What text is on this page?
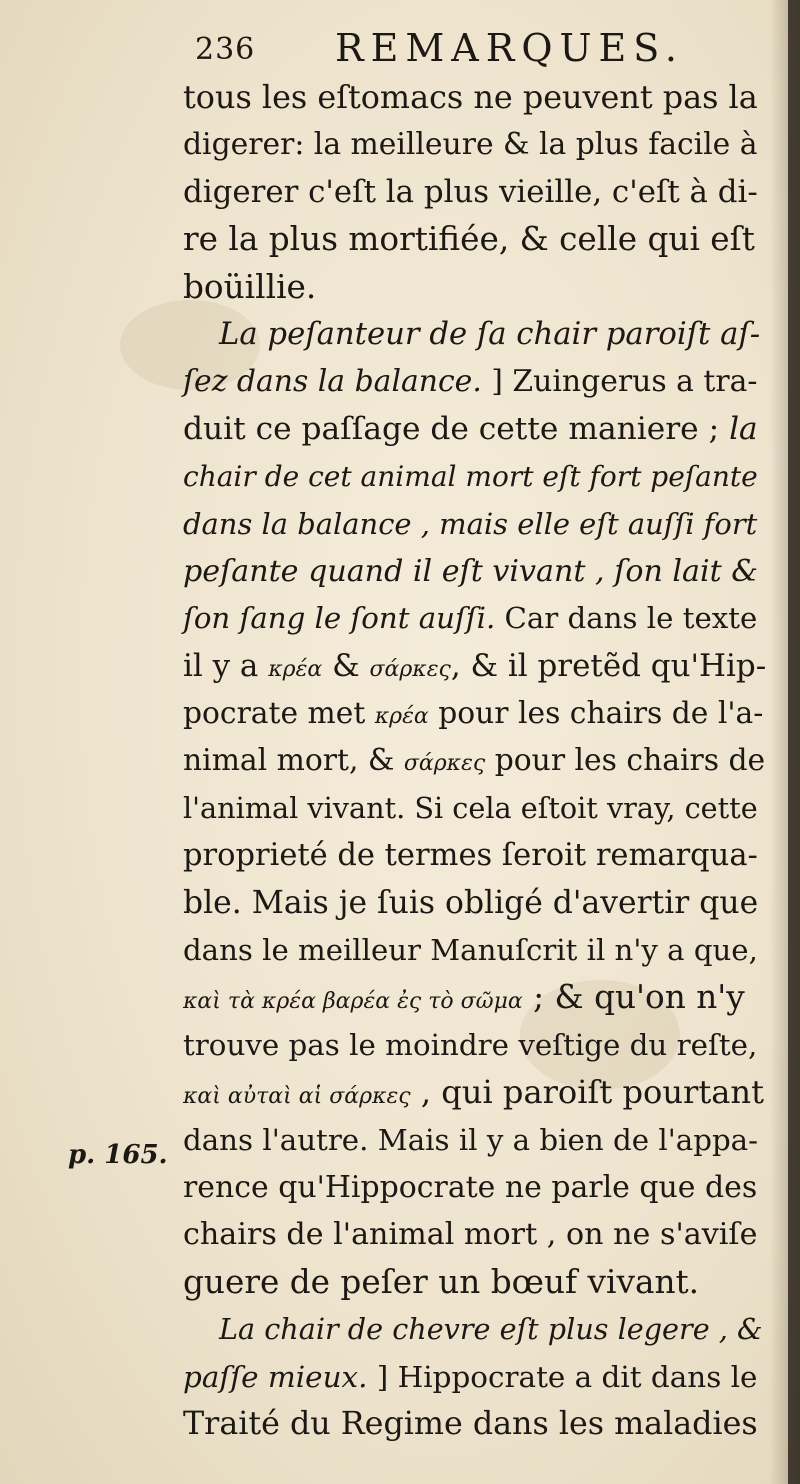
236 REMARQUES.
tous les eſtomacs ne peuvent pas la
digerer: la meilleure & la plus facile à
digerer c'eſt la plus vieille, c'eſt à di-
re la plus mortifiée, & celle qui eſt
boüillie.
La peſanteur de ſa chair paroiſt aſ-
ſez dans la balance. ] Zuingerus a tra-
duit ce paſſage de cette maniere ; la
chair de cet animal mort eſt fort peſante
dans la balance , mais elle eſt auſſi fort
peſante quand il eſt vivant , ſon lait &
ſon ſang le ſont auſſi. Car dans le texte
il y a κρέα & σάρκες, & il pretẽd qu'Hip-
pocrate met κρέα pour les chairs de l'a-
nimal mort, & σάρκες pour les chairs de
l'animal vivant. Si cela eſtoit vray, cette
proprieté de termes ſeroit remarqua-
ble. Mais je ſuis obligé d'avertir que
dans le meilleur Manuſcrit il n'y a que,
καὶ τὰ κρέα βαρέα ἐς τὸ σῶμα ; & qu'on n'y
trouve pas le moindre veſtige du reſte,
καὶ αὐταὶ αἱ σάρκες , qui paroiſt pourtant
dans l'autre. Mais il y a bien de l'appa-
rence qu'Hippocrate ne parle que des
chairs de l'animal mort , on ne s'aviſe
guere de peſer un bœuf vivant.
La chair de chevre eſt plus legere , &
paſſe mieux. ] Hippocrate a dit dans le
Traité du Regime dans les maladies
p. 165.
